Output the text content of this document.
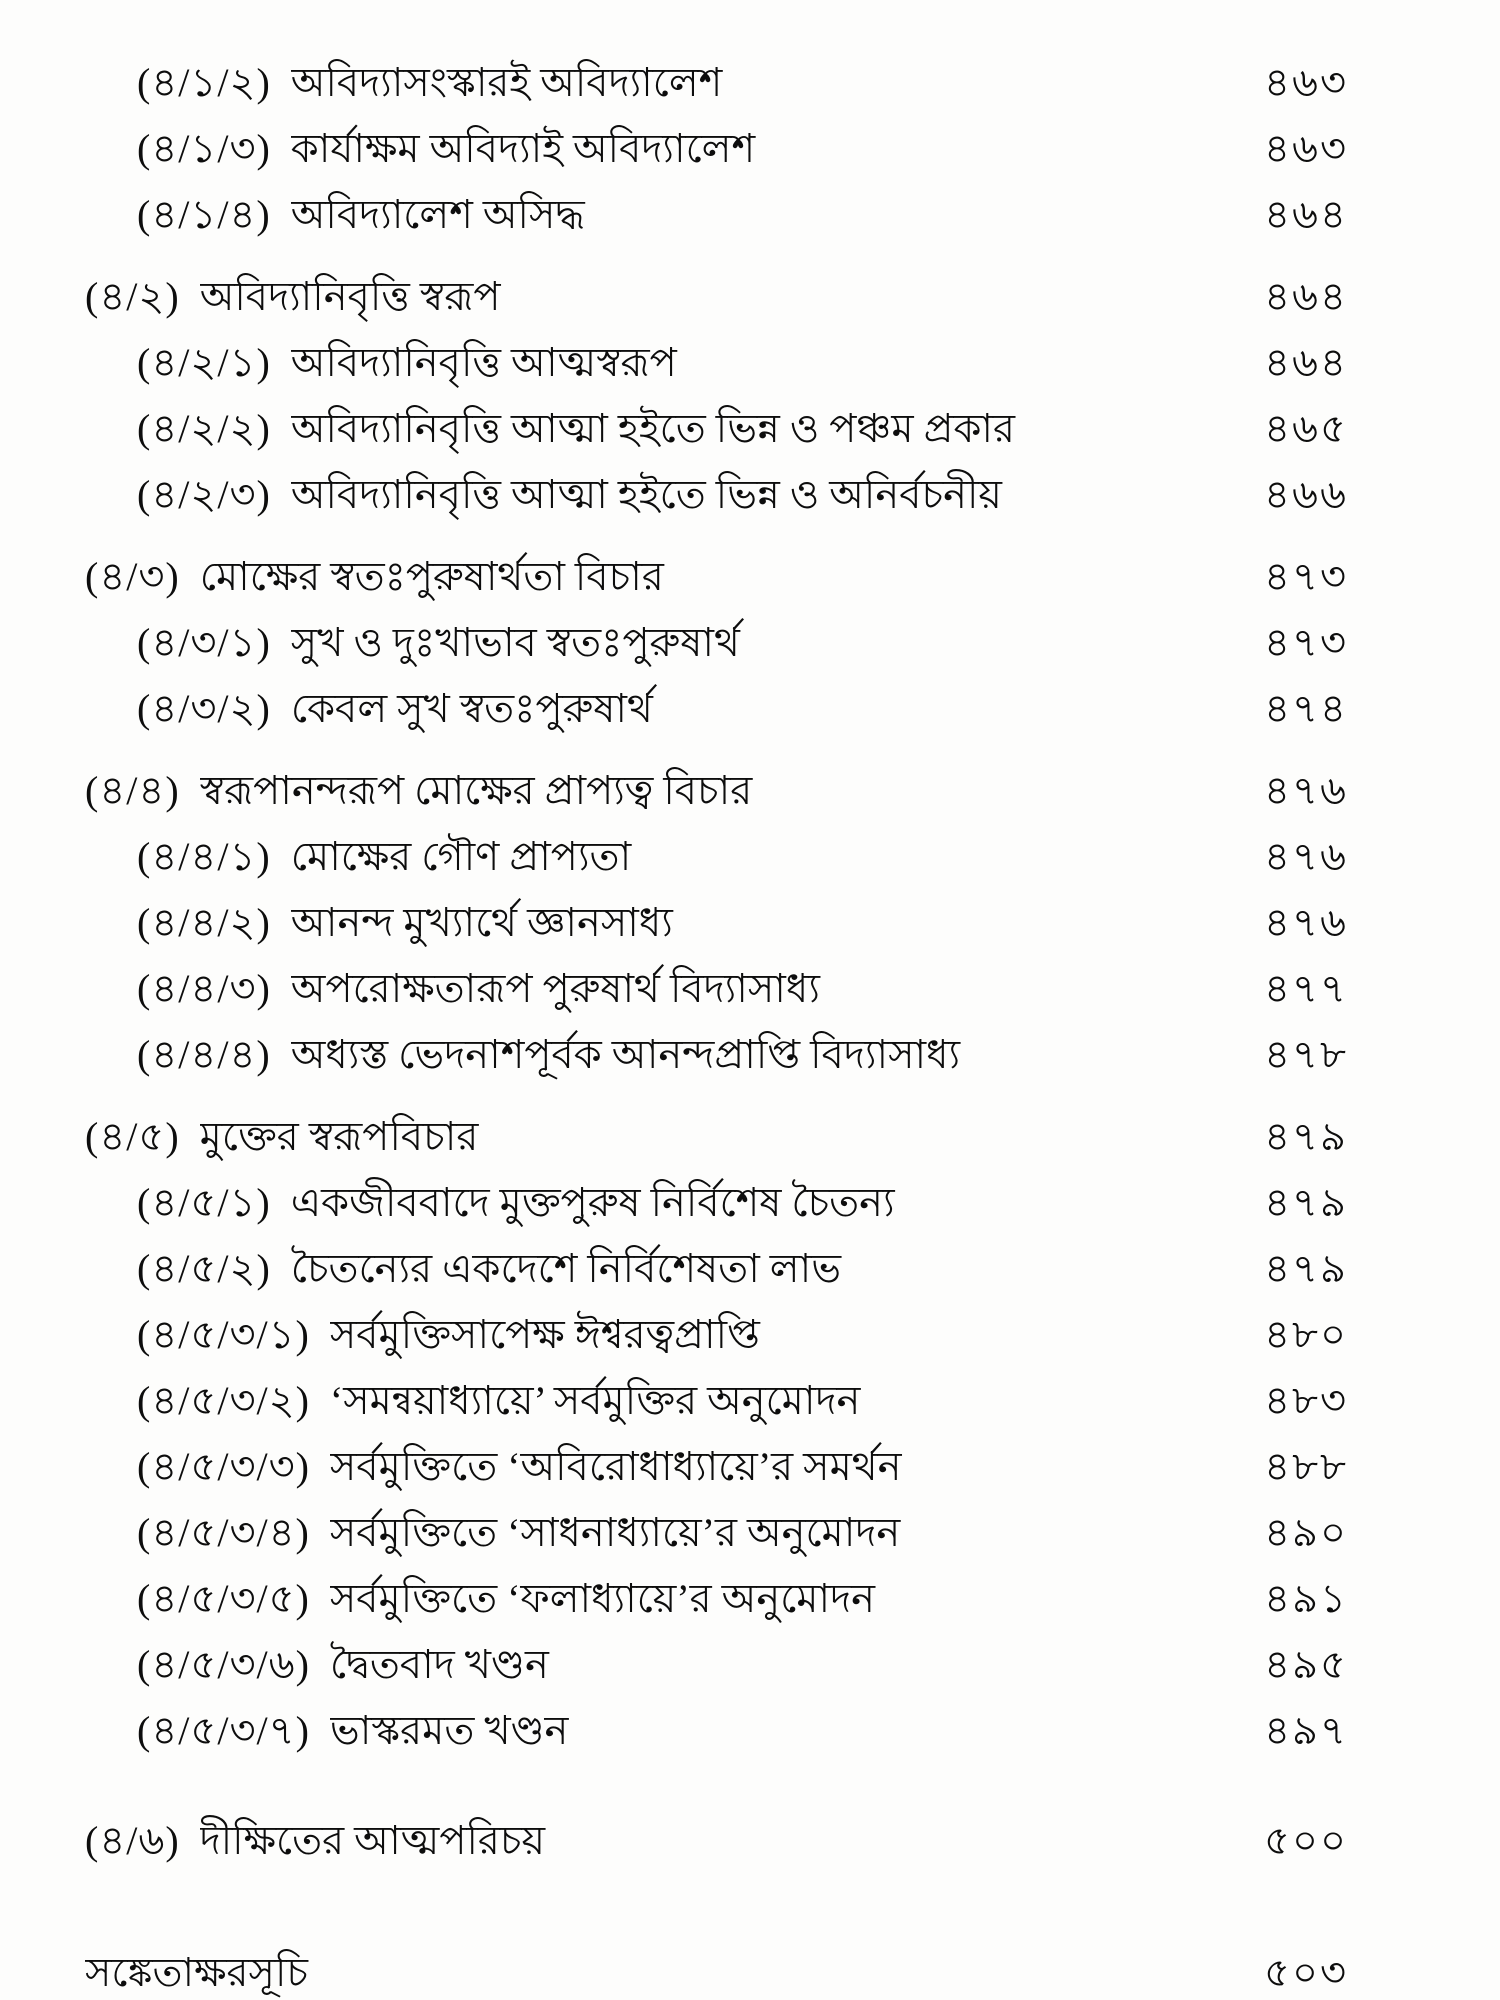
(৪/১/২) অবিদ্যাসংস্কারই অবিদ্যালেশ	৪৬৩
(৪/১/৩) কার্যাক্ষম অবিদ্যাই অবিদ্যালেশ	৪৬৩
(৪/১/৪) অবিদ্যালেশ অসিদ্ধ	৪৬৪
(৪/২) অবিদ্যানিবৃত্তি স্বরূপ	৪৬৪
(৪/২/১) অবিদ্যানিবৃত্তি আত্মস্বরূপ	৪৬৪
(৪/২/২) অবিদ্যানিবৃত্তি আত্মা হইতে ভিন্ন ও পঞ্চম প্রকার	৪৬৫
(৪/২/৩) অবিদ্যানিবৃত্তি আত্মা হইতে ভিন্ন ও অনির্বচনীয়	৪৬৬
(৪/৩) মোক্ষের স্বতঃপুরুষার্থতা বিচার	৪৭৩
(৪/৩/১) সুখ ও দুঃখাভাব স্বতঃপুরুষার্থ	৪৭৩
(৪/৩/২) কেবল সুখ স্বতঃপুরুষার্থ	৪৭৪
(৪/৪) স্বরূপানন্দরূপ মোক্ষের প্রাপ্যত্ব বিচার	৪৭৬
(৪/৪/১) মোক্ষের গৌণ প্রাপ্যতা	৪৭৬
(৪/৪/২) আনন্দ মুখ্যার্থে জ্ঞানসাধ্য	৪৭৬
(৪/৪/৩) অপরোক্ষতারূপ পুরুষার্থ বিদ্যাসাধ্য	৪৭৭
(৪/৪/৪) অধ্যস্ত ভেদনাশপূর্বক আনন্দপ্রাপ্তি বিদ্যাসাধ্য	৪৭৮
(৪/৫) মুক্তের স্বরূপবিচার	৪৭৯
(৪/৫/১) একজীববাদে মুক্তপুরুষ নির্বিশেষ চৈতন্য	৪৭৯
(৪/৫/২) চৈতন্যের একদেশে নির্বিশেষতা লাভ	৪৭৯
(৪/৫/৩/১) সর্বমুক্তিসাপেক্ষ ঈশ্বরত্বপ্রাপ্তি	৪৮০
(৪/৫/৩/২) ‘সমন্বয়াধ্যায়ে’ সর্বমুক্তির অনুমোদন	৪৮৩
(৪/৫/৩/৩) সর্বমুক্তিতে ‘অবিরোধাধ্যায়ে’র সমর্থন	৪৮৮
(৪/৫/৩/৪) সর্বমুক্তিতে ‘সাধনাধ্যায়ে’র অনুমোদন	৪৯০
(৪/৫/৩/৫) সর্বমুক্তিতে ‘ফলাধ্যায়ে’র অনুমোদন	৪৯১
(৪/৫/৩/৬) দ্বৈতবাদ খণ্ডন	৪৯৫
(৪/৫/৩/৭) ভাস্করমত খণ্ডন	৪৯৭
(৪/৬) দীক্ষিতের আত্মপরিচয়	৫০০
সঙ্কেতাক্ষরসূচি	৫০৩
